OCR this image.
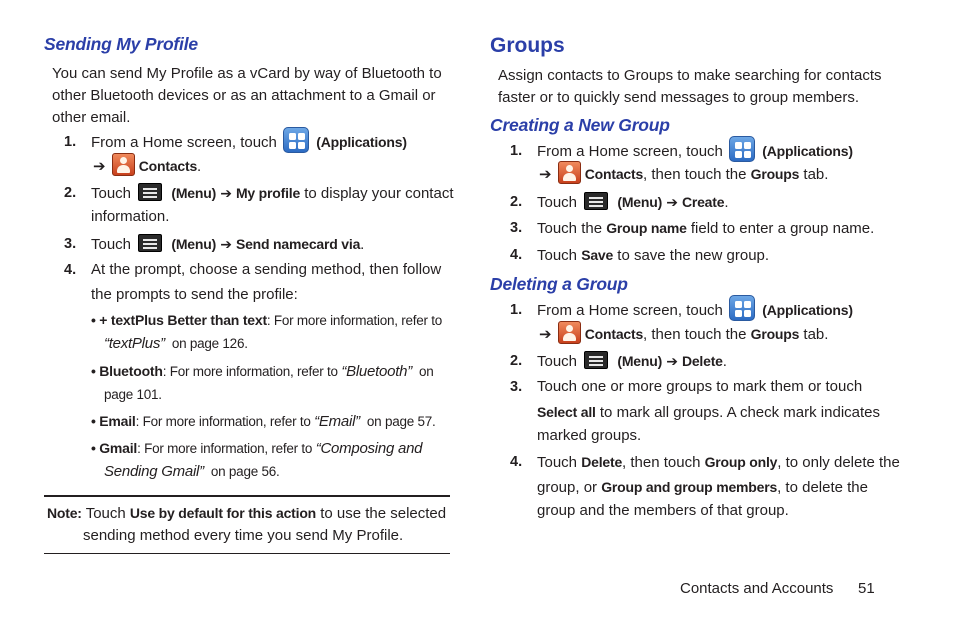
Sending My Profile
You can send My Profile as a vCard by way of Bluetooth to
other Bluetooth devices or as an attachment to a Gmail or
other email.
1. From a Home screen, touch	(Applications)
➔ Contacts.
2. Touch	(Menu) ➔ My profile to display your contact
information.
3. Touch	(Menu) ➔ Send namecard via.
4. At the prompt, choose a sending method, then follow
the prompts to send the profile:
• + textPlus Better than text: For more information, refer to
“textPlus” on page 126.
• Bluetooth: For more information, refer to “Bluetooth” on
page 101.
• Email: For more information, refer to “Email” on page 57.
• Gmail: For more information, refer to “Composing and
Sending Gmail” on page 56.
Note: Touch Use by default for this action to use the selected
sending method every time you send My Profile.
Groups
Assign contacts to Groups to make searching for contacts
faster or to quickly send messages to group members.
Creating a New Group
1. From a Home screen, touch	(Applications)
➔ Contacts, then touch the Groups tab.
2. Touch	(Menu) ➔ Create.
3. Touch the Group name field to enter a group name.
4. Touch Save to save the new group.
Deleting a Group
1. From a Home screen, touch	(Applications)
➔ Contacts, then touch the Groups tab.
2. Touch	(Menu) ➔ Delete.
3. Touch one or more groups to mark them or touch
Select all to mark all groups. A check mark indicates
marked groups.
4. Touch Delete, then touch Group only, to only delete the
group, or Group and group members, to delete the
group and the members of that group.
Contacts and Accounts 51
